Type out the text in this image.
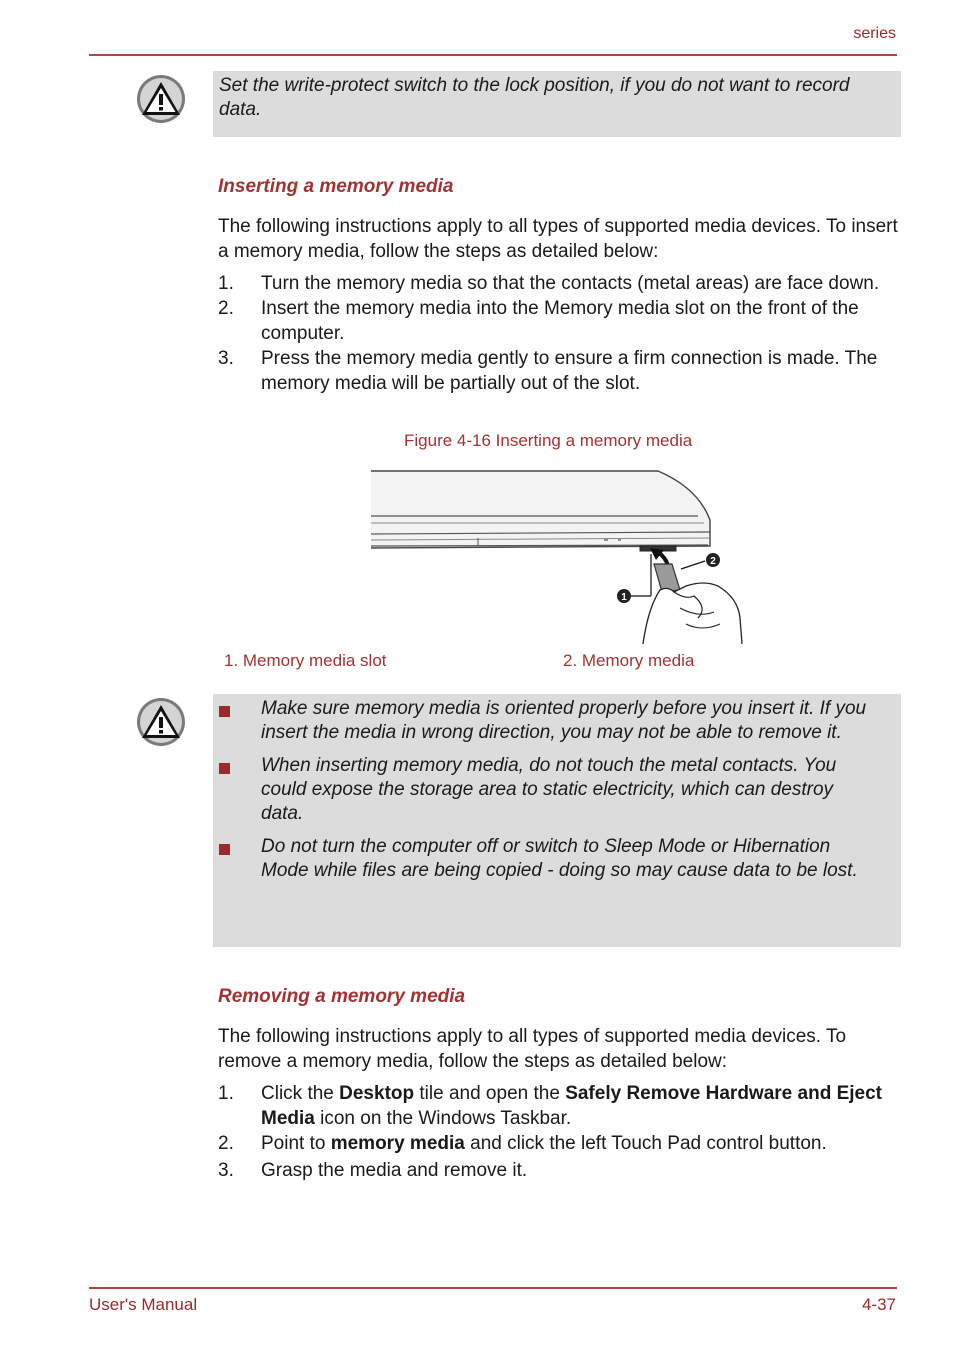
series
Set the write-protect switch to the lock position, if you do not want to record data.
Inserting a memory media
The following instructions apply to all types of supported media devices. To insert a memory media, follow the steps as detailed below:
1. Turn the memory media so that the contacts (metal areas) are face down.
2. Insert the memory media into the Memory media slot on the front of the computer.
3. Press the memory media gently to ensure a firm connection is made. The memory media will be partially out of the slot.
Figure 4-16 Inserting a memory media
1
2
1. Memory media slot	2. Memory media
Make sure memory media is oriented properly before you insert it. If you insert the media in wrong direction, you may not be able to remove it.
When inserting memory media, do not touch the metal contacts. You could expose the storage area to static electricity, which can destroy data.
Do not turn the computer off or switch to Sleep Mode or Hibernation Mode while files are being copied - doing so may cause data to be lost.
Removing a memory media
The following instructions apply to all types of supported media devices. To remove a memory media, follow the steps as detailed below:
1. Click the Desktop tile and open the Safely Remove Hardware and Eject Media icon on the Windows Taskbar.
2. Point to memory media and click the left Touch Pad control button.
3. Grasp the media and remove it.
User's Manual	4-37
